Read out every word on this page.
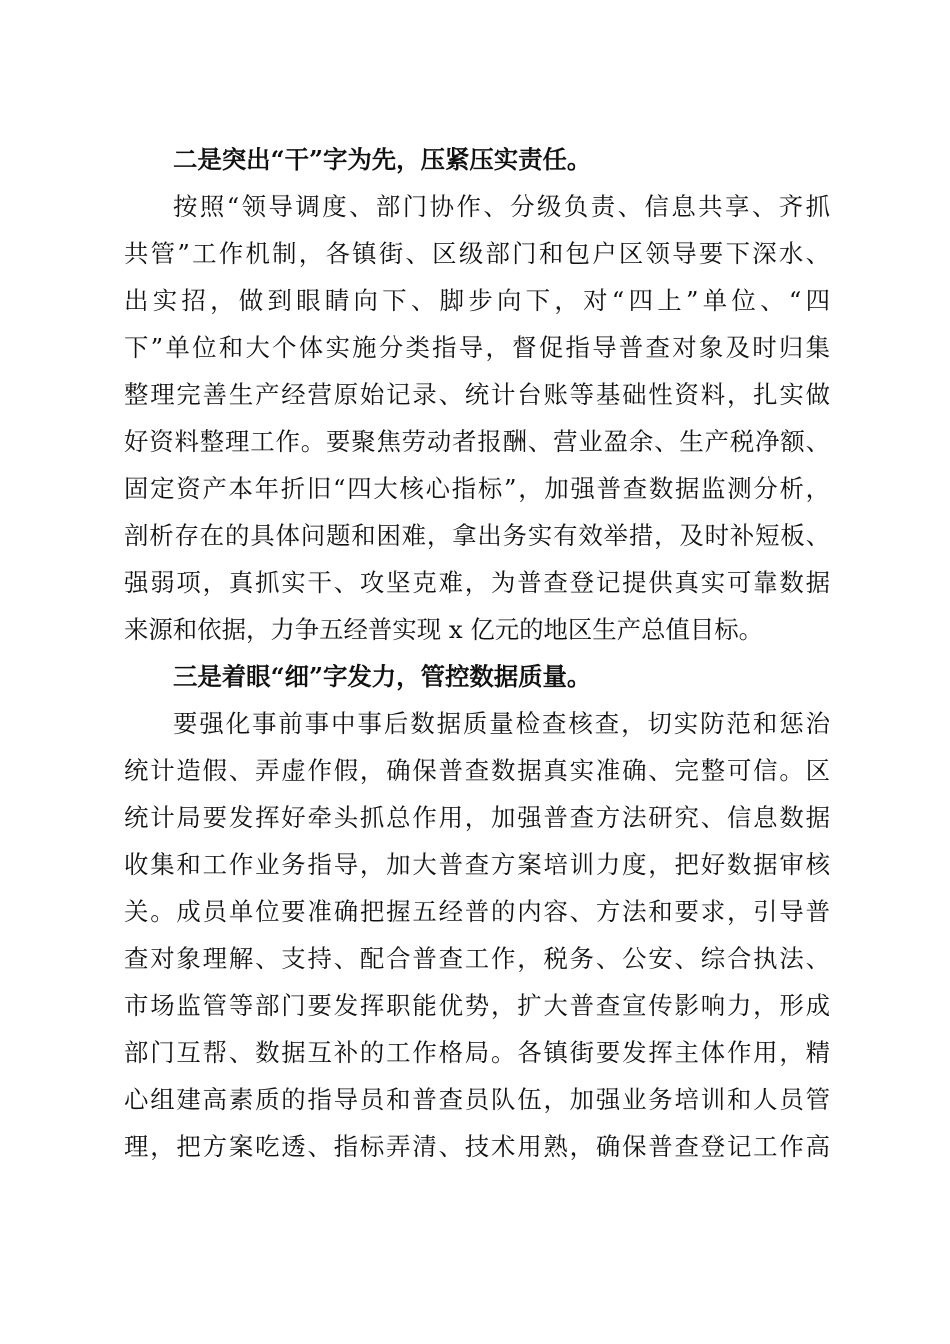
二是突出“干”字为先，压紧压实责任。
按照“领导调度、部门协作、分级负责、信息共享、齐抓
共管”工作机制，各镇街、区级部门和包户区领导要下深水、
出实招，做到眼睛向下、脚步向下，对“四上”单位、“四
下”单位和大个体实施分类指导，督促指导普查对象及时归集
整理完善生产经营原始记录、统计台账等基础性资料，扎实做
好资料整理工作。要聚焦劳动者报酬、营业盈余、生产税净额、
固定资产本年折旧“四大核心指标”，加强普查数据监测分析，
剖析存在的具体问题和困难，拿出务实有效举措，及时补短板、
强弱项，真抓实干、攻坚克难，为普查登记提供真实可靠数据
来源和依据，力争五经普实现 x 亿元的地区生产总值目标。
三是着眼“细”字发力，管控数据质量。
要强化事前事中事后数据质量检查核查，切实防范和惩治
统计造假、弄虚作假，确保普查数据真实准确、完整可信。区
统计局要发挥好牵头抓总作用，加强普查方法研究、信息数据
收集和工作业务指导，加大普查方案培训力度，把好数据审核
关。成员单位要准确把握五经普的内容、方法和要求，引导普
查对象理解、支持、配合普查工作，税务、公安、综合执法、
市场监管等部门要发挥职能优势，扩大普查宣传影响力，形成
部门互帮、数据互补的工作格局。各镇街要发挥主体作用，精
心组建高素质的指导员和普查员队伍，加强业务培训和人员管
理，把方案吃透、指标弄清、技术用熟，确保普查登记工作高
